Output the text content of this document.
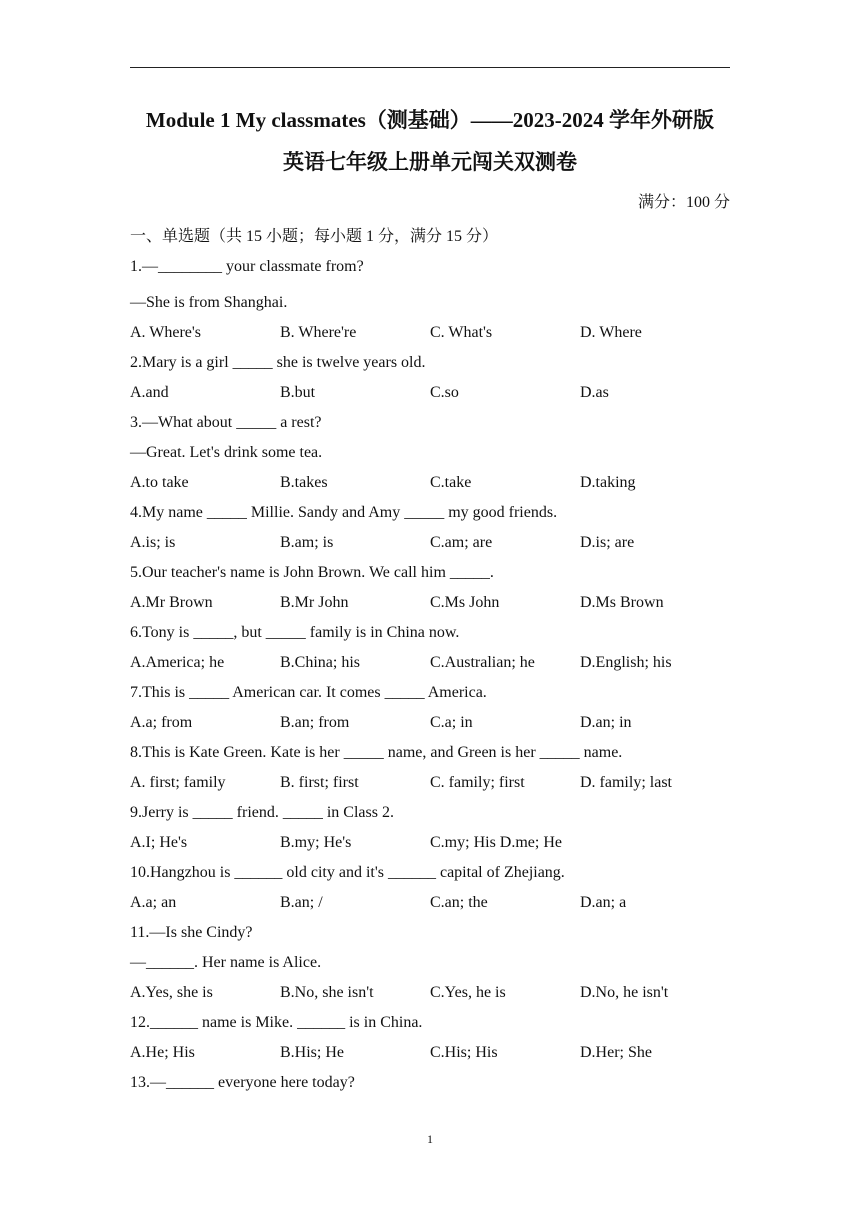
Module 1 My classmates（测基础）——2023-2024 学年外研版
英语七年级上册单元闯关双测卷
满分：100 分
一、单选题（共 15 小题；每小题 1 分，满分 15 分）
1.—________ your classmate from?
—She is from Shanghai.
A. Where's	B. Where're	C. What's	D. Where
2.Mary is a girl _____ she is twelve years old.
A.and	B.but	C.so	D.as
3.—What about _____ a rest?
—Great. Let's drink some tea.
A.to take	B.takes	C.take	D.taking
4.My name _____ Millie. Sandy and Amy _____ my good friends.
A.is; is	B.am; is	C.am; are	D.is; are
5.Our teacher's name is John Brown. We call him _____.
A.Mr Brown	B.Mr John	C.Ms John	D.Ms Brown
6.Tony is _____, but _____ family is in China now.
A.America; he	B.China; his	C.Australian; he	D.English; his
7.This is _____ American car. It comes _____ America.
A.a; from	B.an; from	C.a; in	D.an; in
8.This is Kate Green. Kate is her _____ name, and Green is her _____ name.
A. first; family	B. first; first	C. family; first	D. family; last
9.Jerry is _____ friend. _____ in Class 2.
A.I; He's	B.my; He's	C.my; His D.me; He
10.Hangzhou is ______ old city and it's ______ capital of Zhejiang.
A.a; an	B.an; /	C.an; the	D.an; a
11.—Is she Cindy?
—______. Her name is Alice.
A.Yes, she is	B.No, she isn't	C.Yes, he is	D.No, he isn't
12.______ name is Mike. ______ is in China.
A.He; His	B.His; He	C.His; His	D.Her; She
13.—______ everyone here today?
1
